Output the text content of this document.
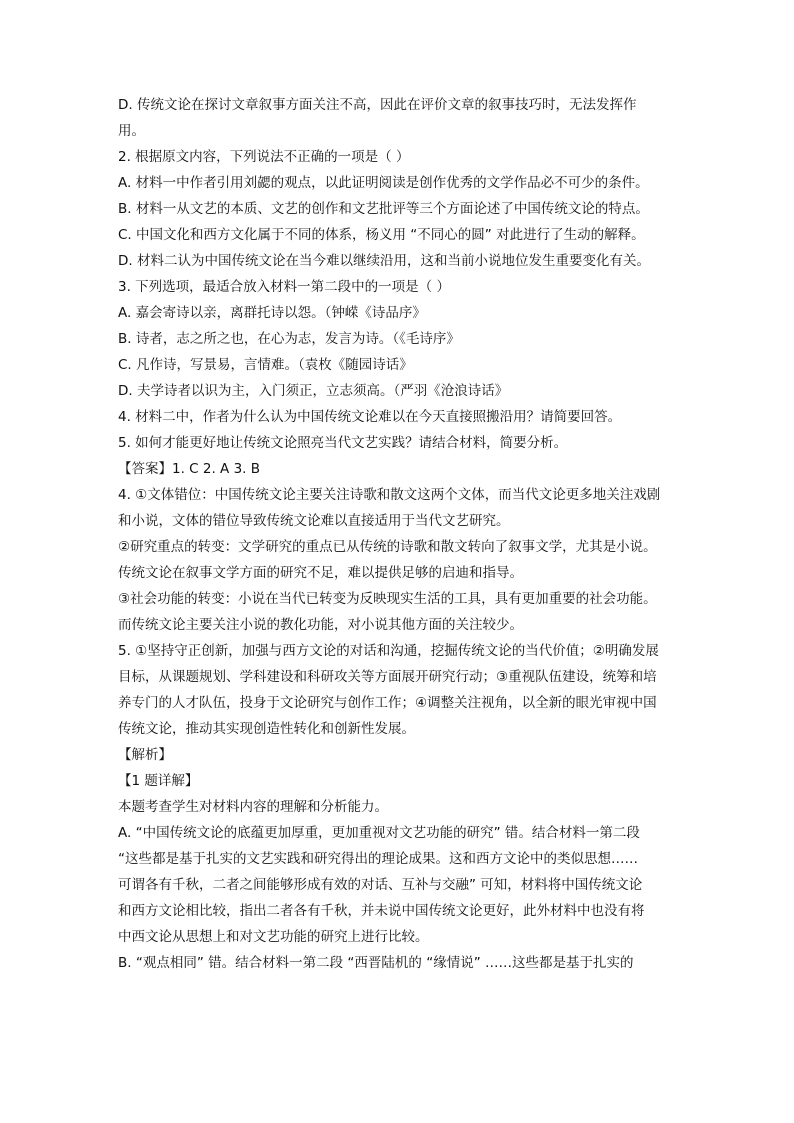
D. 传统文论在探讨文章叙事方面关注不高，因此在评价文章的叙事技巧时，无法发挥作
用。
2. 根据原文内容，下列说法不正确的一项是（ ）
A. 材料一中作者引用刘勰的观点，以此证明阅读是创作优秀的文学作品必不可少的条件。
B. 材料一从文艺的本质、文艺的创作和文艺批评等三个方面论述了中国传统文论的特点。
C. 中国文化和西方文化属于不同的体系，杨义用 “不同心的圆” 对此进行了生动的解释。
D. 材料二认为中国传统文论在当今难以继续沿用，这和当前小说地位发生重要变化有关。
3. 下列选项，最适合放入材料一第二段中的一项是（ ）
A. 嘉会寄诗以亲，离群托诗以怨。（钟嵘《诗品序》
B. 诗者，志之所之也，在心为志，发言为诗。（《毛诗序》
C. 凡作诗，写景易，言情难。（袁枚《随园诗话》
D. 夫学诗者以识为主，入门须正，立志须高。（严羽《沧浪诗话》
4. 材料二中，作者为什么认为中国传统文论难以在今天直接照搬沿用？请简要回答。
5. 如何才能更好地让传统文论照亮当代文艺实践？请结合材料，简要分析。
【答案】1. C 2. A 3. B
4. ①文体错位：中国传统文论主要关注诗歌和散文这两个文体，而当代文论更多地关注戏剧
和小说，文体的错位导致传统文论难以直接适用于当代文艺研究。
②研究重点的转变：文学研究的重点已从传统的诗歌和散文转向了叙事文学，尤其是小说。
传统文论在叙事文学方面的研究不足，难以提供足够的启迪和指导。
③社会功能的转变：小说在当代已转变为反映现实生活的工具，具有更加重要的社会功能。
而传统文论主要关注小说的教化功能，对小说其他方面的关注较少。
5. ①坚持守正创新，加强与西方文论的对话和沟通，挖掘传统文论的当代价值；②明确发展
目标，从课题规划、学科建设和科研攻关等方面展开研究行动；③重视队伍建设，统筹和培
养专门的人才队伍，投身于文论研究与创作工作；④调整关注视角，以全新的眼光审视中国
传统文论，推动其实现创造性转化和创新性发展。
【解析】
【1 题详解】
本题考查学生对材料内容的理解和分析能力。
A. “中国传统文论的底蕴更加厚重，更加重视对文艺功能的研究” 错。结合材料一第二段
“这些都是基于扎实的文艺实践和研究得出的理论成果。这和西方文论中的类似思想……
可谓各有千秋，二者之间能够形成有效的对话、互补与交融” 可知，材料将中国传统文论
和西方文论相比较，指出二者各有千秋，并未说中国传统文论更好，此外材料中也没有将
中西文论从思想上和对文艺功能的研究上进行比较。
B. “观点相同” 错。结合材料一第二段 “西晋陆机的 “缘情说” ……这些都是基于扎实的
